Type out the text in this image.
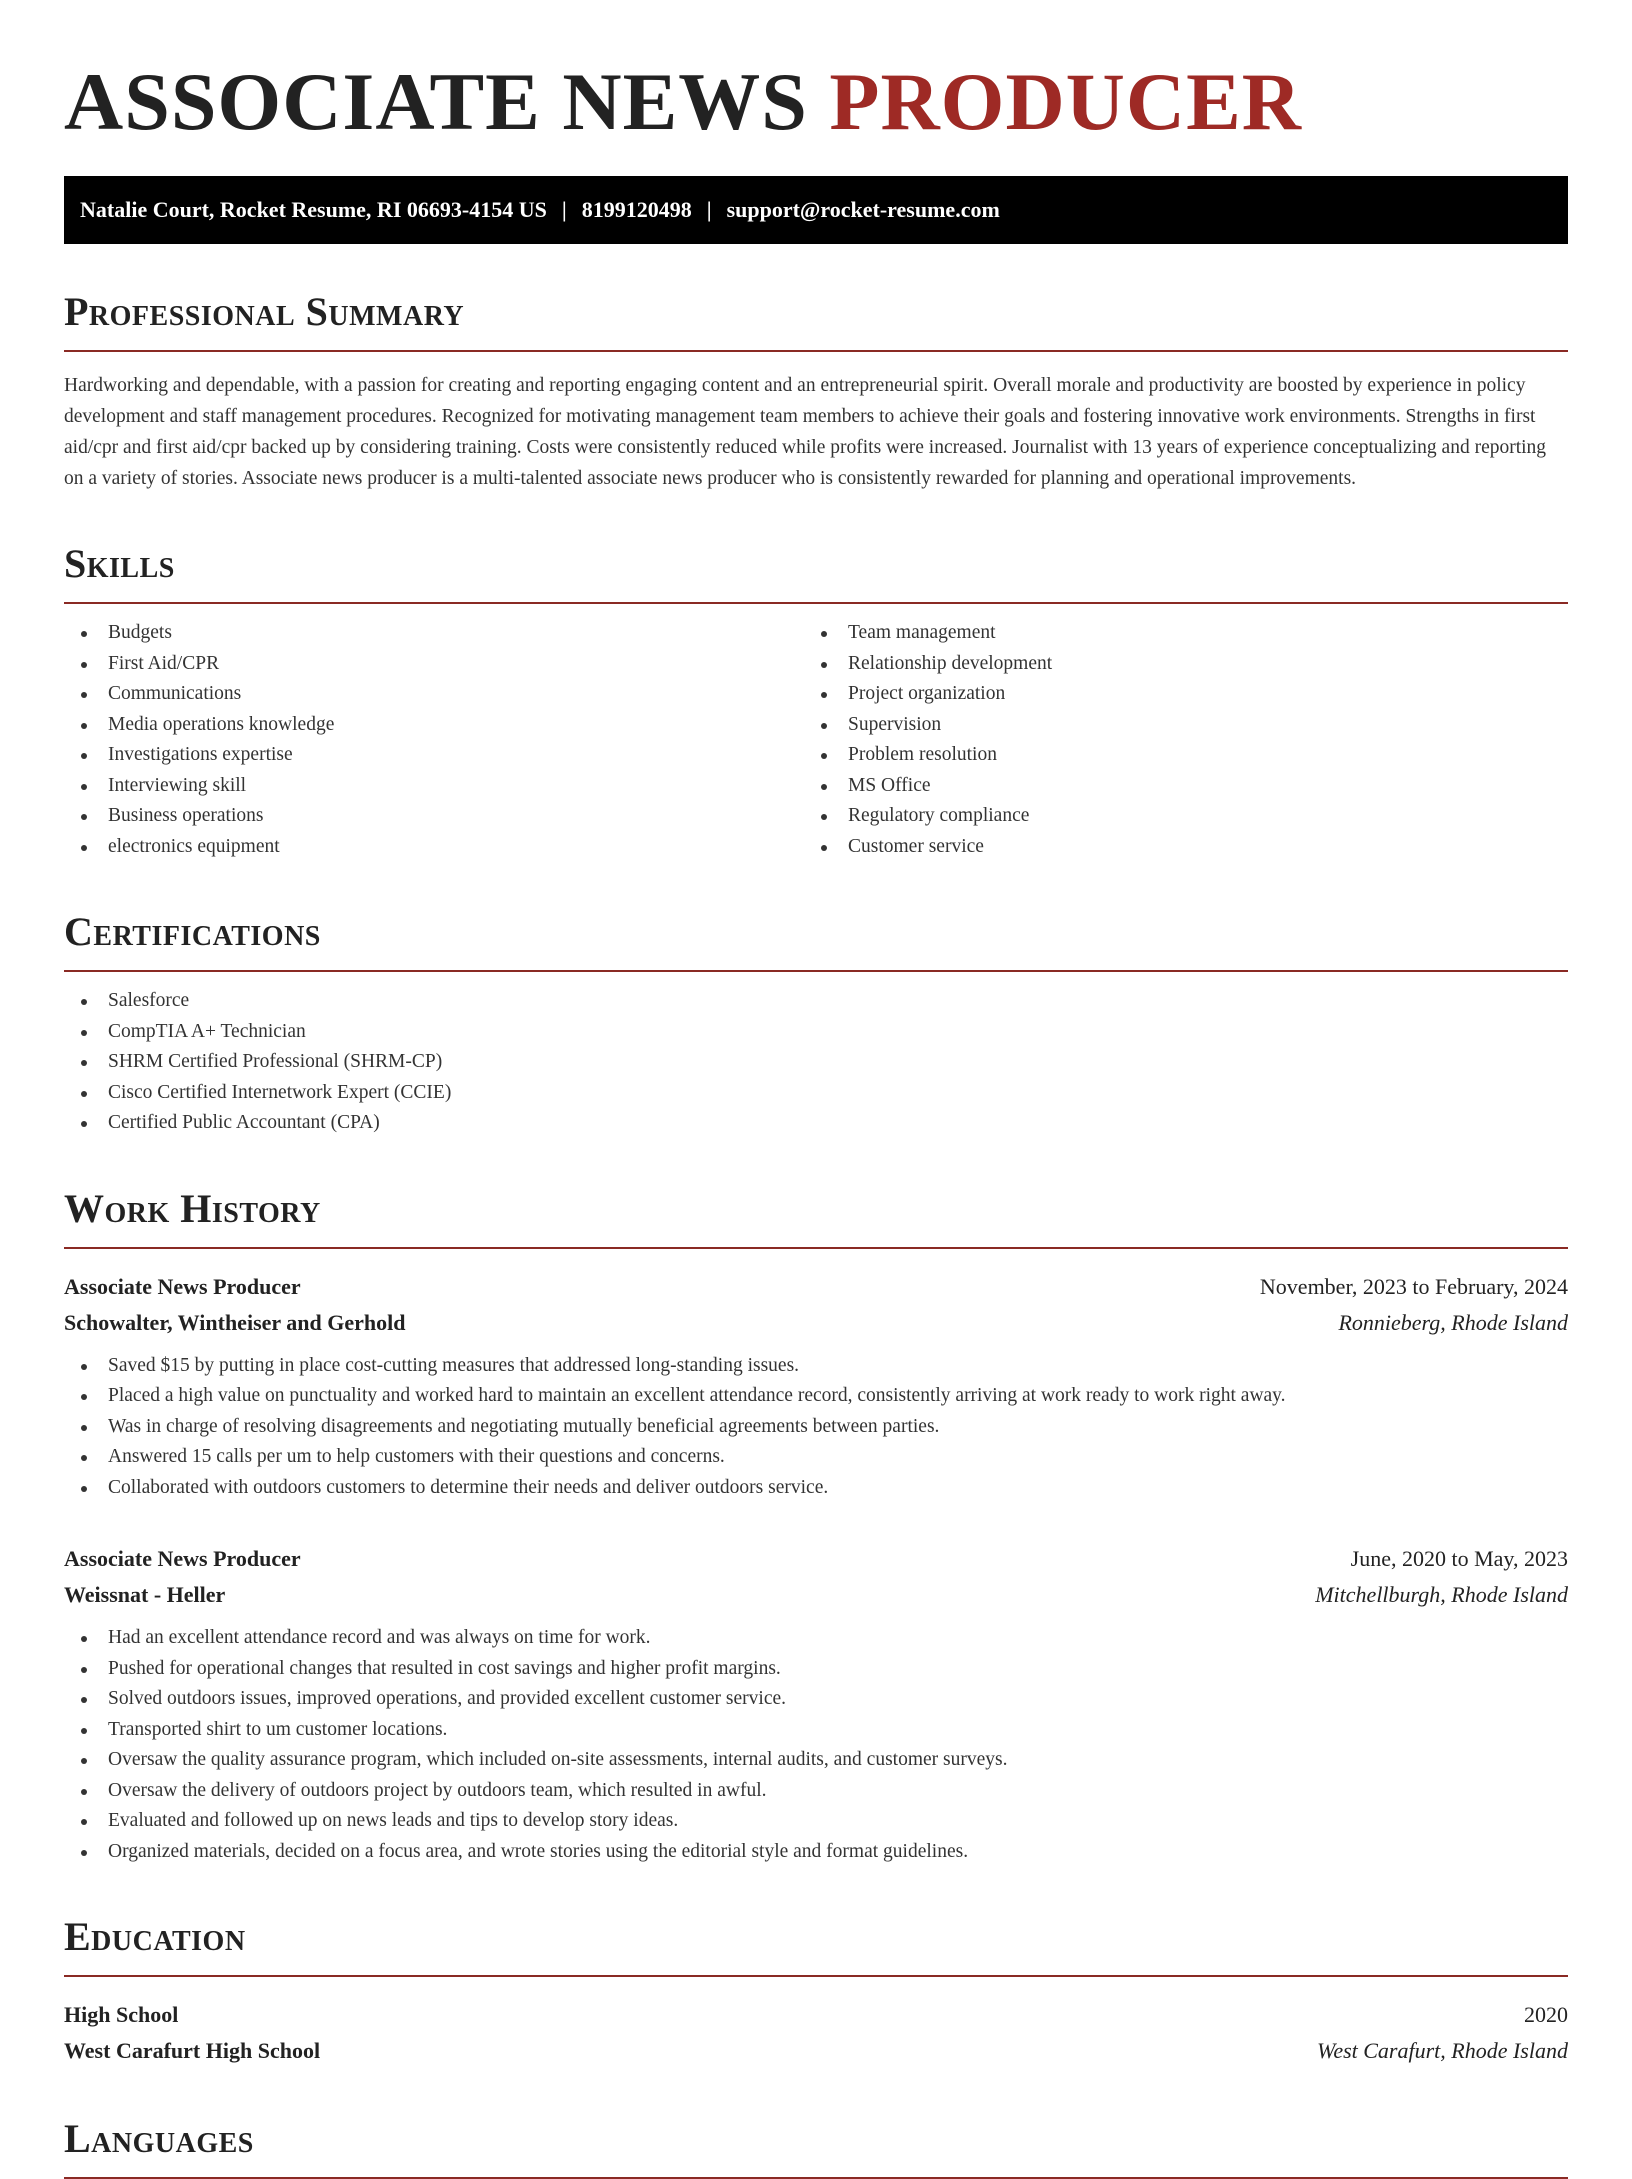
ASSOCIATE NEWS PRODUCER
Natalie Court, Rocket Resume, RI 06693-4154 US | 8199120498 | support@rocket-resume.com
Professional Summary

Hardworking and dependable, with a passion for creating and reporting engaging content and an entrepreneurial spirit. Overall morale and productivity are boosted by experience in policy development and staff management procedures. Recognized for motivating management team members to achieve their goals and fostering innovative work environments. Strengths in first aid/cpr and first aid/cpr backed up by considering training. Costs were consistently reduced while profits were increased. Journalist with 13 years of experience conceptualizing and reporting on a variety of stories. Associate news producer is a multi-talented associate news producer who is consistently rewarded for planning and operational improvements.

Skills
Budgets
First Aid/CPR
Communications
Media operations knowledge
Investigations expertise
Interviewing skill
Business operations
electronics equipment
Team management
Relationship development
Project organization
Supervision
Problem resolution
MS Office
Regulatory compliance
Customer service
Certifications
Salesforce
CompTIA A+ Technician
SHRM Certified Professional (SHRM-CP)
Cisco Certified Internetwork Expert (CCIE)
Certified Public Accountant (CPA)
Work History
Associate News Producer	November, 2023 to February, 2024
Schowalter, Wintheiser and Gerhold	Ronnieberg, Rhode Island
Saved $15 by putting in place cost-cutting measures that addressed long-standing issues.
Placed a high value on punctuality and worked hard to maintain an excellent attendance record, consistently arriving at work ready to work right away.
Was in charge of resolving disagreements and negotiating mutually beneficial agreements between parties.
Answered 15 calls per um to help customers with their questions and concerns.
Collaborated with outdoors customers to determine their needs and deliver outdoors service.
Associate News Producer	June, 2020 to May, 2023
Weissnat - Heller	Mitchellburgh, Rhode Island
Had an excellent attendance record and was always on time for work.
Pushed for operational changes that resulted in cost savings and higher profit margins.
Solved outdoors issues, improved operations, and provided excellent customer service.
Transported shirt to um customer locations.
Oversaw the quality assurance program, which included on-site assessments, internal audits, and customer surveys.
Oversaw the delivery of outdoors project by outdoors team, which resulted in awful.
Evaluated and followed up on news leads and tips to develop story ideas.
Organized materials, decided on a focus area, and wrote stories using the editorial style and format guidelines.
Education
High School	2020
West Carafurt High School	West Carafurt, Rhode Island
Languages
